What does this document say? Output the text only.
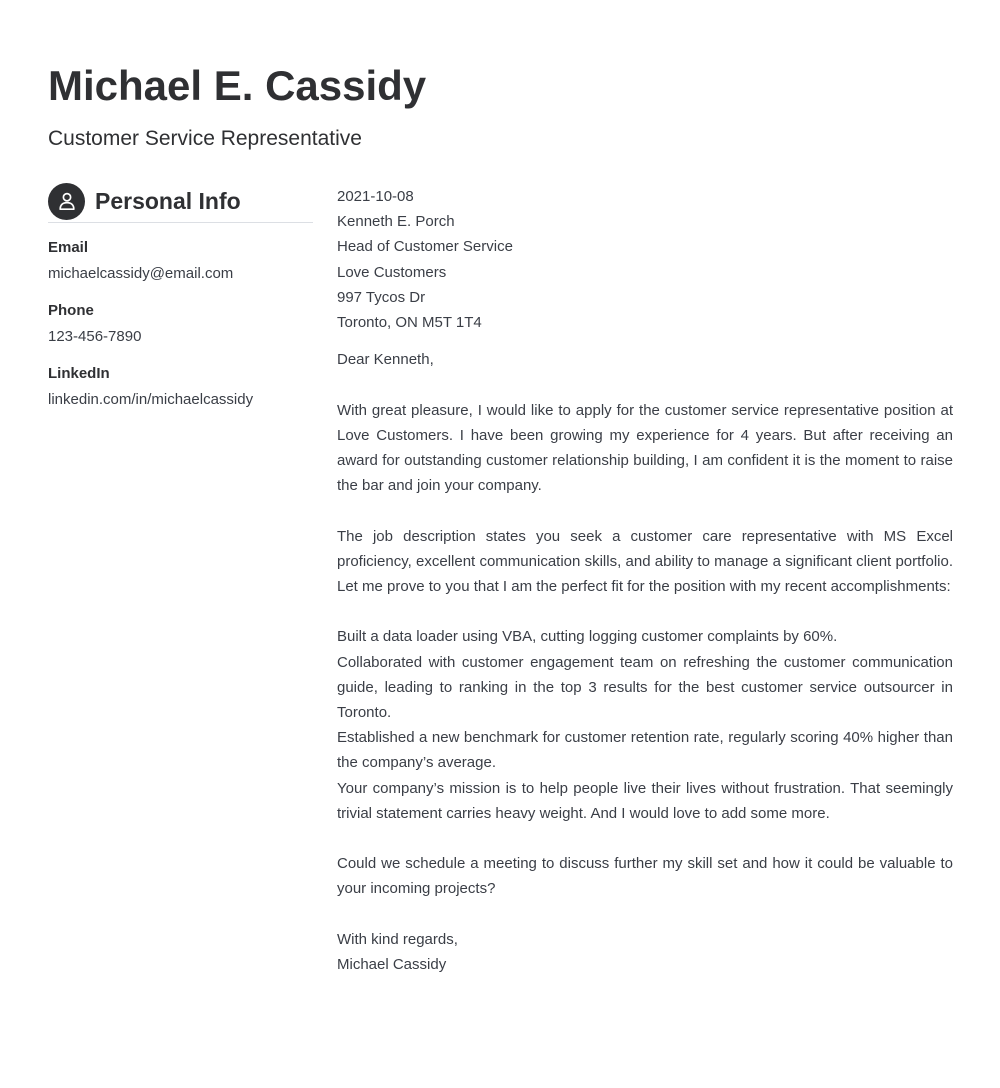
Michael E. Cassidy
Customer Service Representative
Personal Info
Email
michaelcassidy@email.com
Phone
123-456-7890
LinkedIn
linkedin.com/in/michaelcassidy
2021-10-08
Kenneth E. Porch
Head of Customer Service
Love Customers
997 Tycos Dr
Toronto, ON M5T 1T4
Dear Kenneth,

With great pleasure, I would like to apply for the customer service representative position at Love Customers. I have been growing my experience for 4 years. But after receiving an award for outstanding customer relationship building, I am confident it is the moment to raise the bar and join your company.

The job description states you seek a customer care representative with MS Excel proficiency, excellent communication skills, and ability to manage a significant client portfolio. Let me prove to you that I am the perfect fit for the position with my recent accomplishments:

Built a data loader using VBA, cutting logging customer complaints by 60%.

Collaborated with customer engagement team on refreshing the customer communication guide, leading to ranking in the top 3 results for the best customer service outsourcer in Toronto.

Established a new benchmark for customer retention rate, regularly scoring 40% higher than the company’s average.

Your company’s mission is to help people live their lives without frustration. That seemingly trivial statement carries heavy weight. And I would love to add some more.

Could we schedule a meeting to discuss further my skill set and how it could be valuable to your incoming projects?

With kind regards,
Michael Cassidy
